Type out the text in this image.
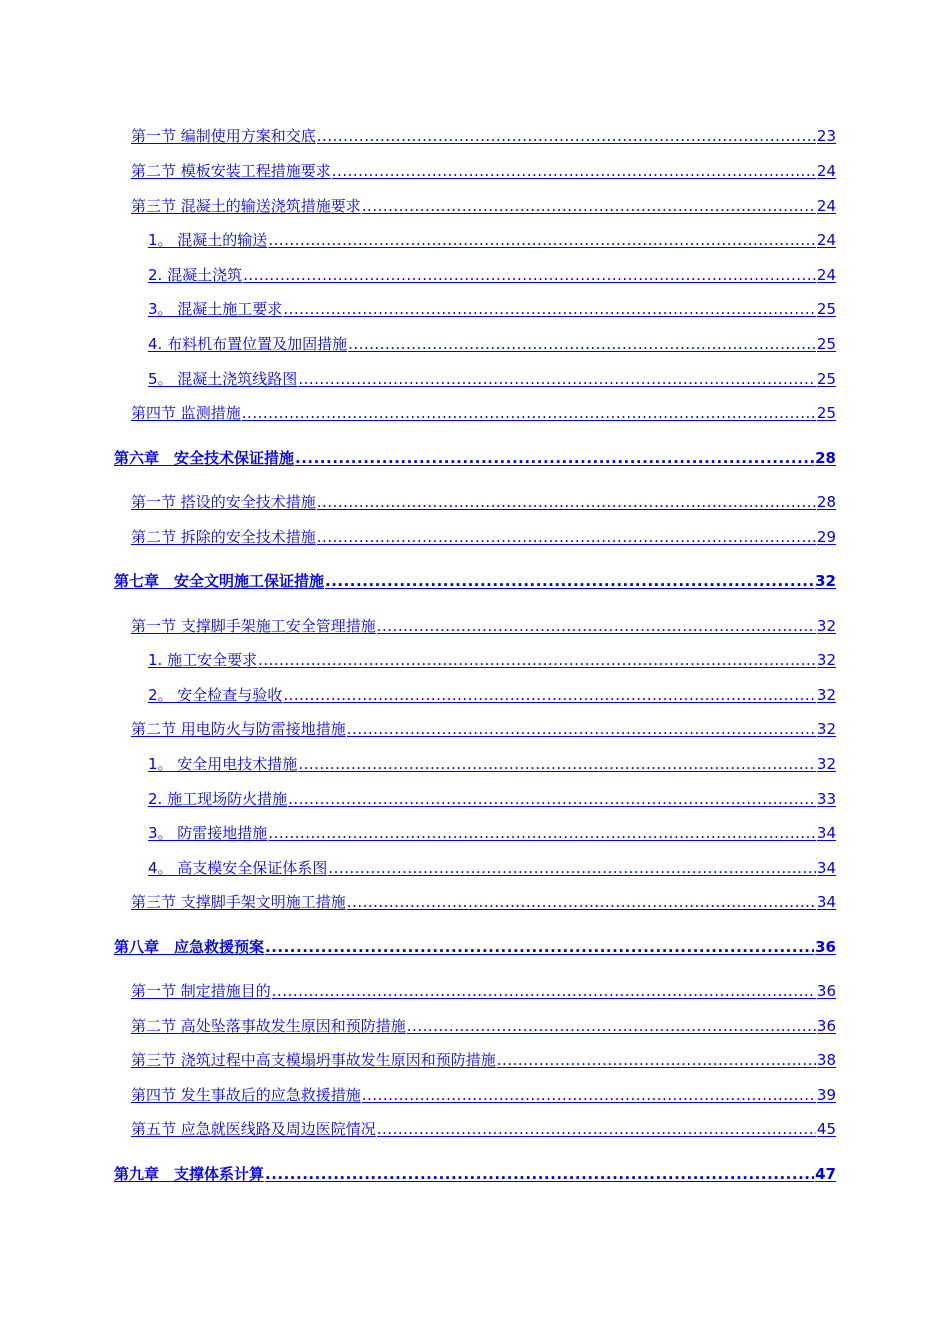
第一节 编制使用方案和交底 .....	23
第二节 模板安装工程措施要求 .....	24
第三节 混凝土的输送浇筑措施要求 .....	24
1。 混凝土的输送 .....	24
2. 混凝土浇筑 .....	24
3。 混凝土施工要求 .....	25
4. 布料机布置位置及加固措施 .....	25
5。 混凝土浇筑线路图 .....	25
第四节 监测措施 .....	25
第六章　安全技术保证措施 .....	28
第一节 搭设的安全技术措施 .....	28
第二节 拆除的安全技术措施 .....	29
第七章　安全文明施工保证措施 .....	32
第一节 支撑脚手架施工安全管理措施 .....	32
1. 施工安全要求 .....	32
2。 安全检查与验收 .....	32
第二节 用电防火与防雷接地措施 .....	32
1。 安全用电技术措施 .....	32
2. 施工现场防火措施 .....	33
3。 防雷接地措施 .....	34
4。 高支模安全保证体系图 .....	34
第三节 支撑脚手架文明施工措施 .....	34
第八章　应急救援预案 .....	36
第一节 制定措施目的 .....	36
第二节 高处坠落事故发生原因和预防措施 .....	36
第三节 浇筑过程中高支模塌坍事故发生原因和预防措施 .....	38
第四节 发生事故后的应急救援措施 .....	39
第五节 应急就医线路及周边医院情况 .....	45
第九章　支撑体系计算 .....	47
